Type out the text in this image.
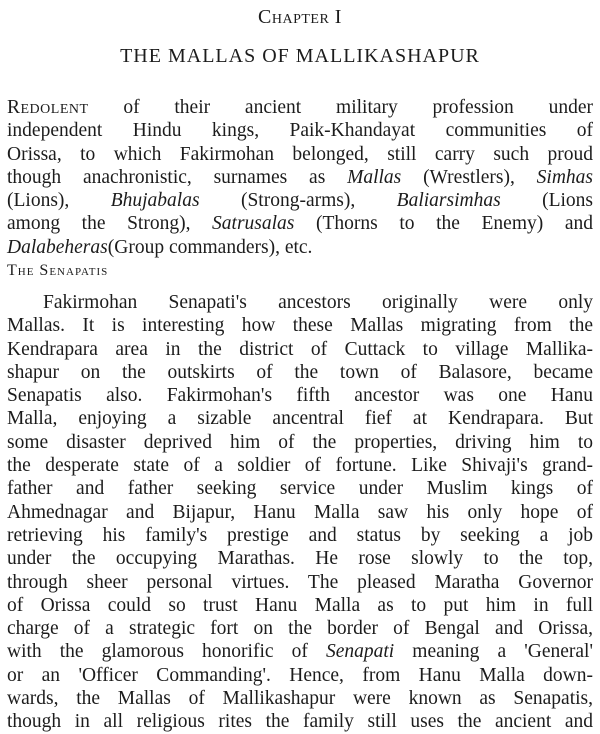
Chapter I
THE MALLAS OF MALLIKASHAPUR
Redolent of their ancient military profession under
independent Hindu kings, Paik-Khandayat communities of
Orissa, to which Fakirmohan belonged, still carry such proud
though anachronistic, surnames as Mallas (Wrestlers), Simhas
(Lions), Bhujabalas (Strong-arms), Baliarsimhas (Lions
among the Strong), Satrusalas (Thorns to the Enemy) and
Dalabeheras(Group commanders), etc.
The Senapatis
Fakirmohan Senapati's ancestors originally were only
Mallas. It is interesting how these Mallas migrating from the
Kendrapara area in the district of Cuttack to village Mallika-
shapur on the outskirts of the town of Balasore, became
Senapatis also. Fakirmohan's fifth ancestor was one Hanu
Malla, enjoying a sizable ancentral fief at Kendrapara. But
some disaster deprived him of the properties, driving him to
the desperate state of a soldier of fortune. Like Shivaji's grand-
father and father seeking service under Muslim kings of
Ahmednagar and Bijapur, Hanu Malla saw his only hope of
retrieving his family's prestige and status by seeking a job
under the occupying Marathas. He rose slowly to the top,
through sheer personal virtues. The pleased Maratha Governor
of Orissa could so trust Hanu Malla as to put him in full
charge of a strategic fort on the border of Bengal and Orissa,
with the glamorous honorific of Senapati meaning a 'General'
or an 'Officer Commanding'. Hence, from Hanu Malla down-
wards, the Mallas of Mallikashapur were known as Senapatis,
though in all religious rites the family still uses the ancient and
